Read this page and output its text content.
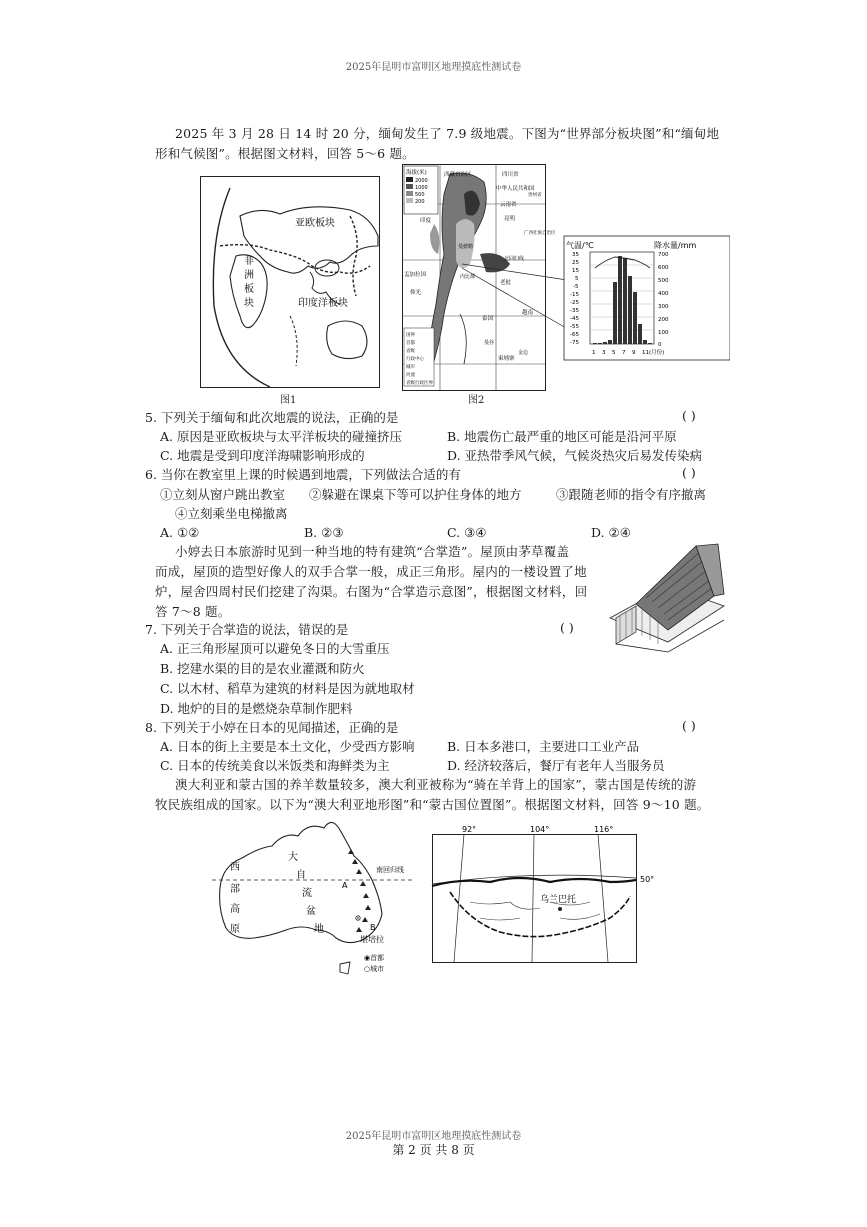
2025年昆明市富明区地理摸底性测试卷
2025 年 3 月 28 日 14 时 20 分，缅甸发生了 7.9 级地震。下图为“世界部分板块图”和“缅甸地
形和气候图”。根据图文材料，回答 5～6 题。
亚欧板块
非
洲
板
块	印度洋板块
海拔(米)
2000
1000
500
200
西藏自治区	四川省
中华人民共和国
云南省
昆明
印度
孟加拉国
曼德勒
内比都
老挝
泰国
越南
柬埔寨
仰光
北回归线
曼谷
金边
贵州省
广西壮族自治区
国界
首都
省级
行政中心
城市
河流
省级行政区界
气温/℃	降水量/mm
35
25
15
5
-5
-15
-25
-35
-45
-55
-65
-75
700
600
500
400
300
200
100
0
1 3 5 7 9 11(月份)
图1	图2
5. 下列关于缅甸和此次地震的说法，正确的是	( )
A. 原因是亚欧板块与太平洋板块的碰撞挤压	B. 地震伤亡最严重的地区可能是沿河平原
C. 地震是受到印度洋海啸影响形成的	D. 亚热带季风气候，气候炎热灾后易发传染病
6. 当你在教室里上课的时候遇到地震，下列做法合适的有	( )
①立刻从窗户跳出教室 ②躲避在课桌下等可以护住身体的地方	③跟随老师的指令有序撤离
④立刻乘坐电梯撤离
A. ①②	B. ②③	C. ③④	D. ②④
小婷去日本旅游时见到一种当地的特有建筑“合掌造”。屋顶由茅草覆盖
而成，屋顶的造型好像人的双手合掌一般，成正三角形。屋内的一楼设置了地
炉，屋舍四周村民们挖建了沟渠。右图为“合掌造示意图”，根据图文材料，回
答 7～8 题。
7. 下列关于合掌造的说法，错误的是	( )
A. 正三角形屋顶可以避免冬日的大雪重压
B. 挖建水渠的目的是农业灌溉和防火
C. 以木材、稻草为建筑的材料是因为就地取材
D. 地炉的目的是燃烧杂草制作肥料
8. 下列关于小婷在日本的见闻描述，正确的是	( )
A. 日本的街上主要是本土文化，少受西方影响	B. 日本多港口，主要进口工业产品
C. 日本的传统美食以米饭类和海鲜类为主	D. 经济较落后，餐厅有老年人当服务员
澳大利亚和蒙古国的养羊数量较多，澳大利亚被称为“骑在羊背上的国家”，蒙古国是传统的游
牧民族组成的国家。以下为“澳大利亚地形图”和“蒙古国位置图”。根据图文材料，回答 9～10 题。
南回归线
西
部
高
原
大
自
流
盆
地
A
B
堪培拉
◉首都
○城市
92°	104°	116°
50°
乌兰巴托
2025年昆明市富明区地理摸底性测试卷
第 2 页 共 8 页
